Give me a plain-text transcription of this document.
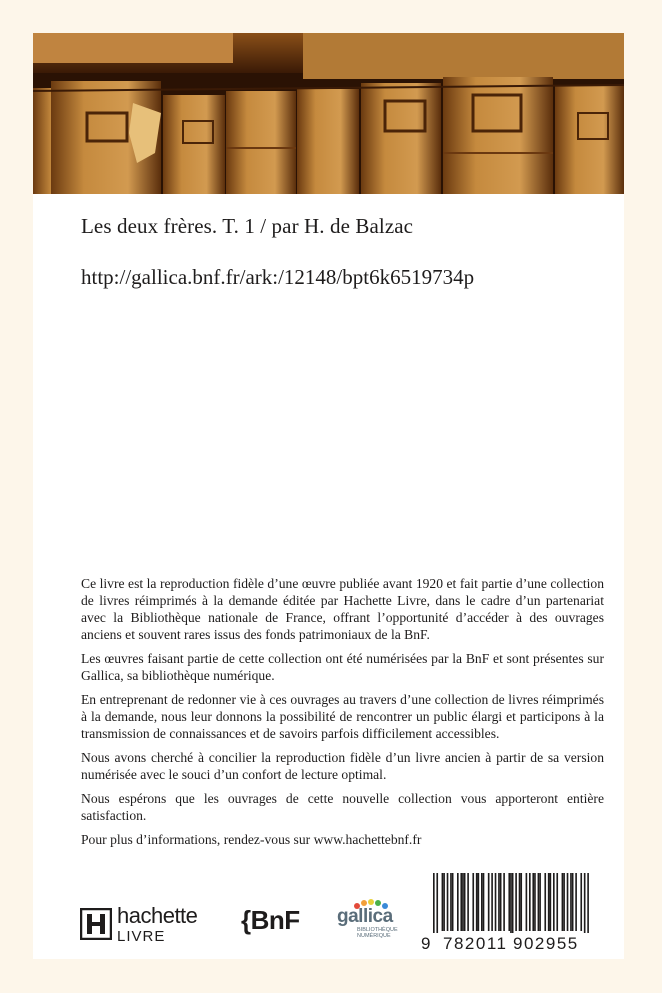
Les deux frères. T. 1 / par H. de Balzac
http://gallica.bnf.fr/ark:/12148/bpt6k6519734p

Ce livre est la reproduction fidèle d’une œuvre publiée avant 1920 et fait partie d’une collection de livres réimprimés à la demande éditée par Hachette Livre, dans le cadre d’un partenariat avec la Bibliothèque nationale de France, offrant l’opportunité d’accéder à des ouvrages anciens et souvent rares issus des fonds patrimoniaux de la BnF.

Les œuvres faisant partie de cette collection ont été numérisées par la BnF et sont présentes sur Gallica, sa bibliothèque numérique.

En entreprenant de redonner vie à ces ouvrages au travers d’une collection de livres réimprimés à la demande, nous leur donnons la possibilité de rencontrer un public élargi et participons à la transmission de connaissances et de savoirs parfois difficilement accessibles.

Nous avons cherché à concilier la reproduction fidèle d’un livre ancien à partir de sa version numérisée avec le souci d’un confort de lecture optimal.

Nous espérons que les ouvrages de cette nouvelle collection vous apporteront entière satisfaction.

Pour plus d’informations, rendez-vous sur www.hachettebnf.fr

hachette
LIVRE
{BnF gallica
BIBLIOTHÈQUE NUMÉRIQUE	9 782011 902955
